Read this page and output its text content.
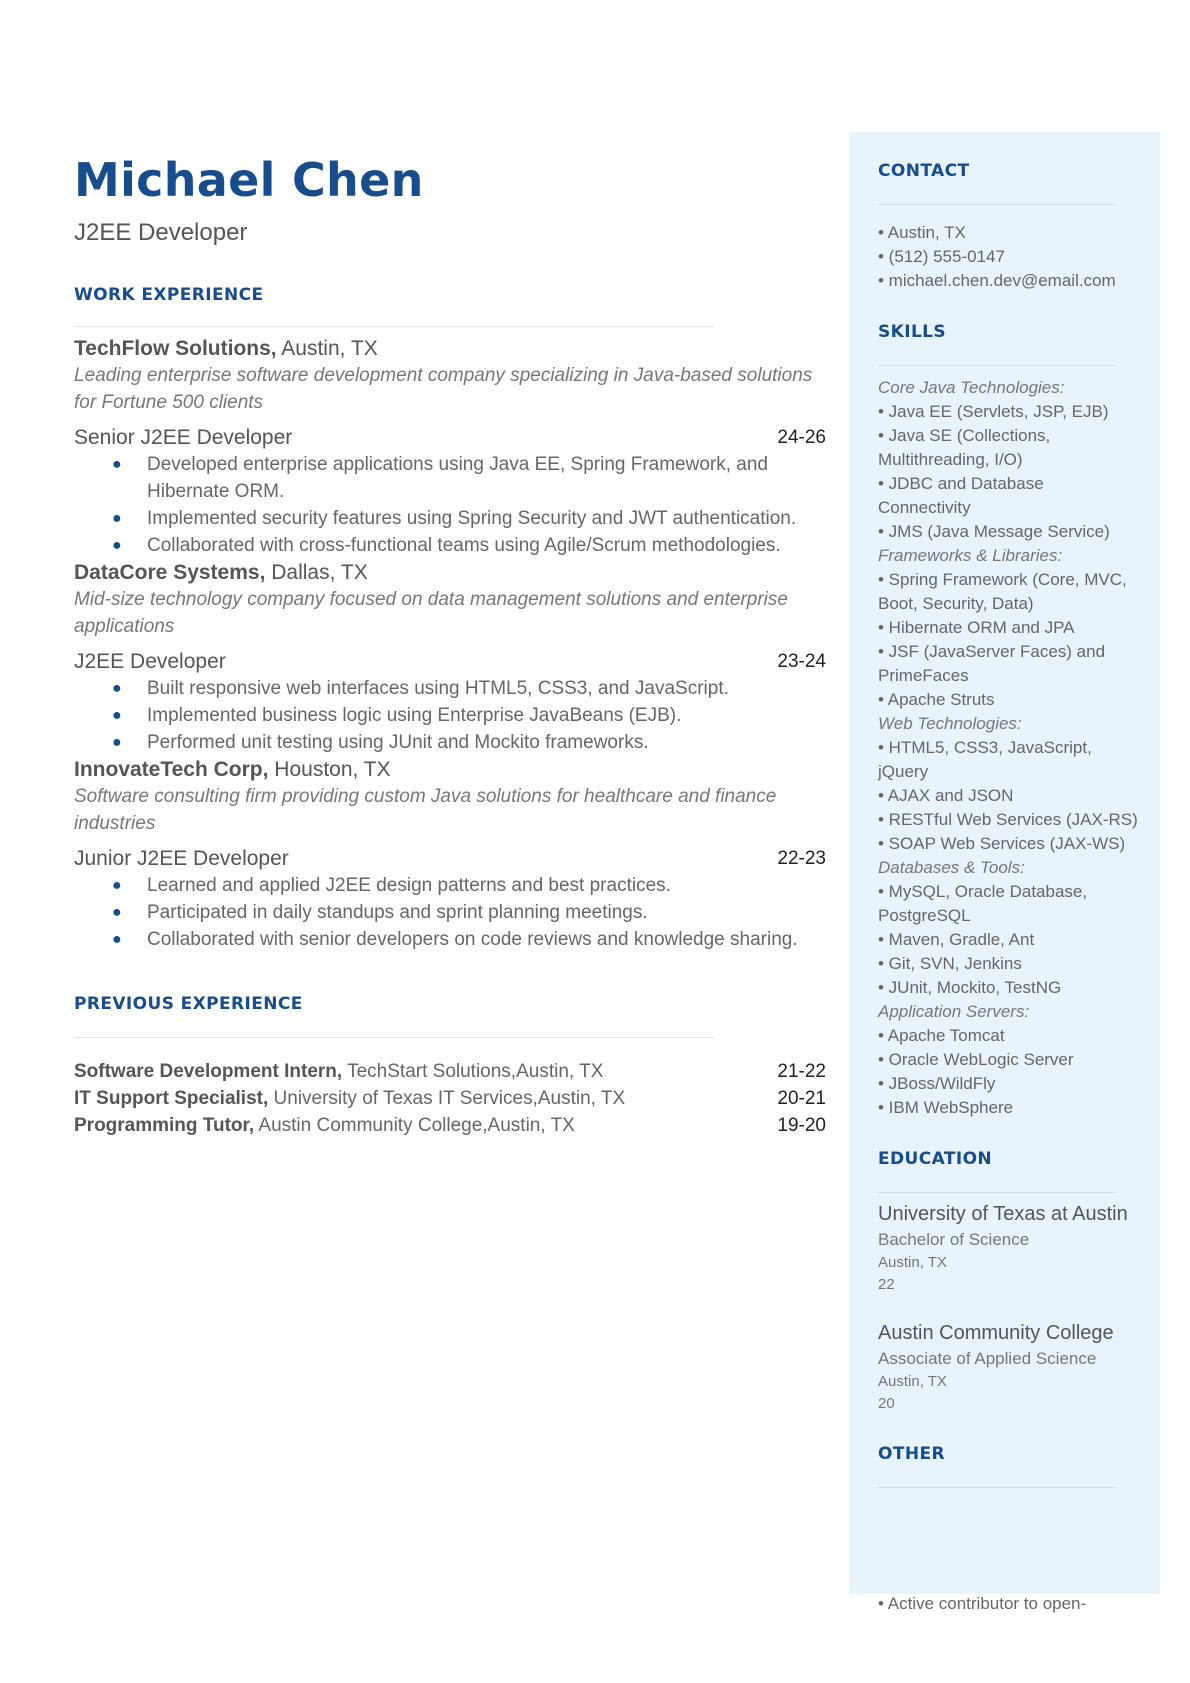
Michael Chen
J2EE Developer
WORK EXPERIENCE
TechFlow Solutions, Austin, TX
Leading enterprise software development company specializing in Java-based solutions for Fortune 500 clients
Senior J2EE Developer	24-26
● Developed enterprise applications using Java EE, Spring Framework, and Hibernate ORM.
● Implemented security features using Spring Security and JWT authentication.
● Collaborated with cross-functional teams using Agile/Scrum methodologies.
DataCore Systems, Dallas, TX
Mid-size technology company focused on data management solutions and enterprise applications
J2EE Developer	23-24
● Built responsive web interfaces using HTML5, CSS3, and JavaScript.
● Implemented business logic using Enterprise JavaBeans (EJB).
● Performed unit testing using JUnit and Mockito frameworks.
InnovateTech Corp, Houston, TX
Software consulting firm providing custom Java solutions for healthcare and finance industries
Junior J2EE Developer	22-23
● Learned and applied J2EE design patterns and best practices.
● Participated in daily standups and sprint planning meetings.
● Collaborated with senior developers on code reviews and knowledge sharing.
PREVIOUS EXPERIENCE
Software Development Intern, TechStart Solutions,Austin, TX	21-22
IT Support Specialist, University of Texas IT Services,Austin, TX	20-21
Programming Tutor, Austin Community College,Austin, TX	19-20
CONTACT
• Austin, TX
• (512) 555-0147
• michael.chen.dev@email.com
SKILLS
Core Java Technologies:
• Java EE (Servlets, JSP, EJB)
• Java SE (Collections, Multithreading, I/O)
• JDBC and Database Connectivity
• JMS (Java Message Service)
Frameworks & Libraries:
• Spring Framework (Core, MVC, Boot, Security, Data)
• Hibernate ORM and JPA
• JSF (JavaServer Faces) and PrimeFaces
• Apache Struts
Web Technologies:
• HTML5, CSS3, JavaScript, jQuery
• AJAX and JSON
• RESTful Web Services (JAX-RS)
• SOAP Web Services (JAX-WS)
Databases & Tools:
• MySQL, Oracle Database, PostgreSQL
• Maven, Gradle, Ant
• Git, SVN, Jenkins
• JUnit, Mockito, TestNG
Application Servers:
• Apache Tomcat
• Oracle WebLogic Server
• JBoss/WildFly
• IBM WebSphere
EDUCATION
University of Texas at Austin
Bachelor of Science
Austin, TX
22
Austin Community College
Associate of Applied Science
Austin, TX
20
OTHER
• Active contributor to open-
